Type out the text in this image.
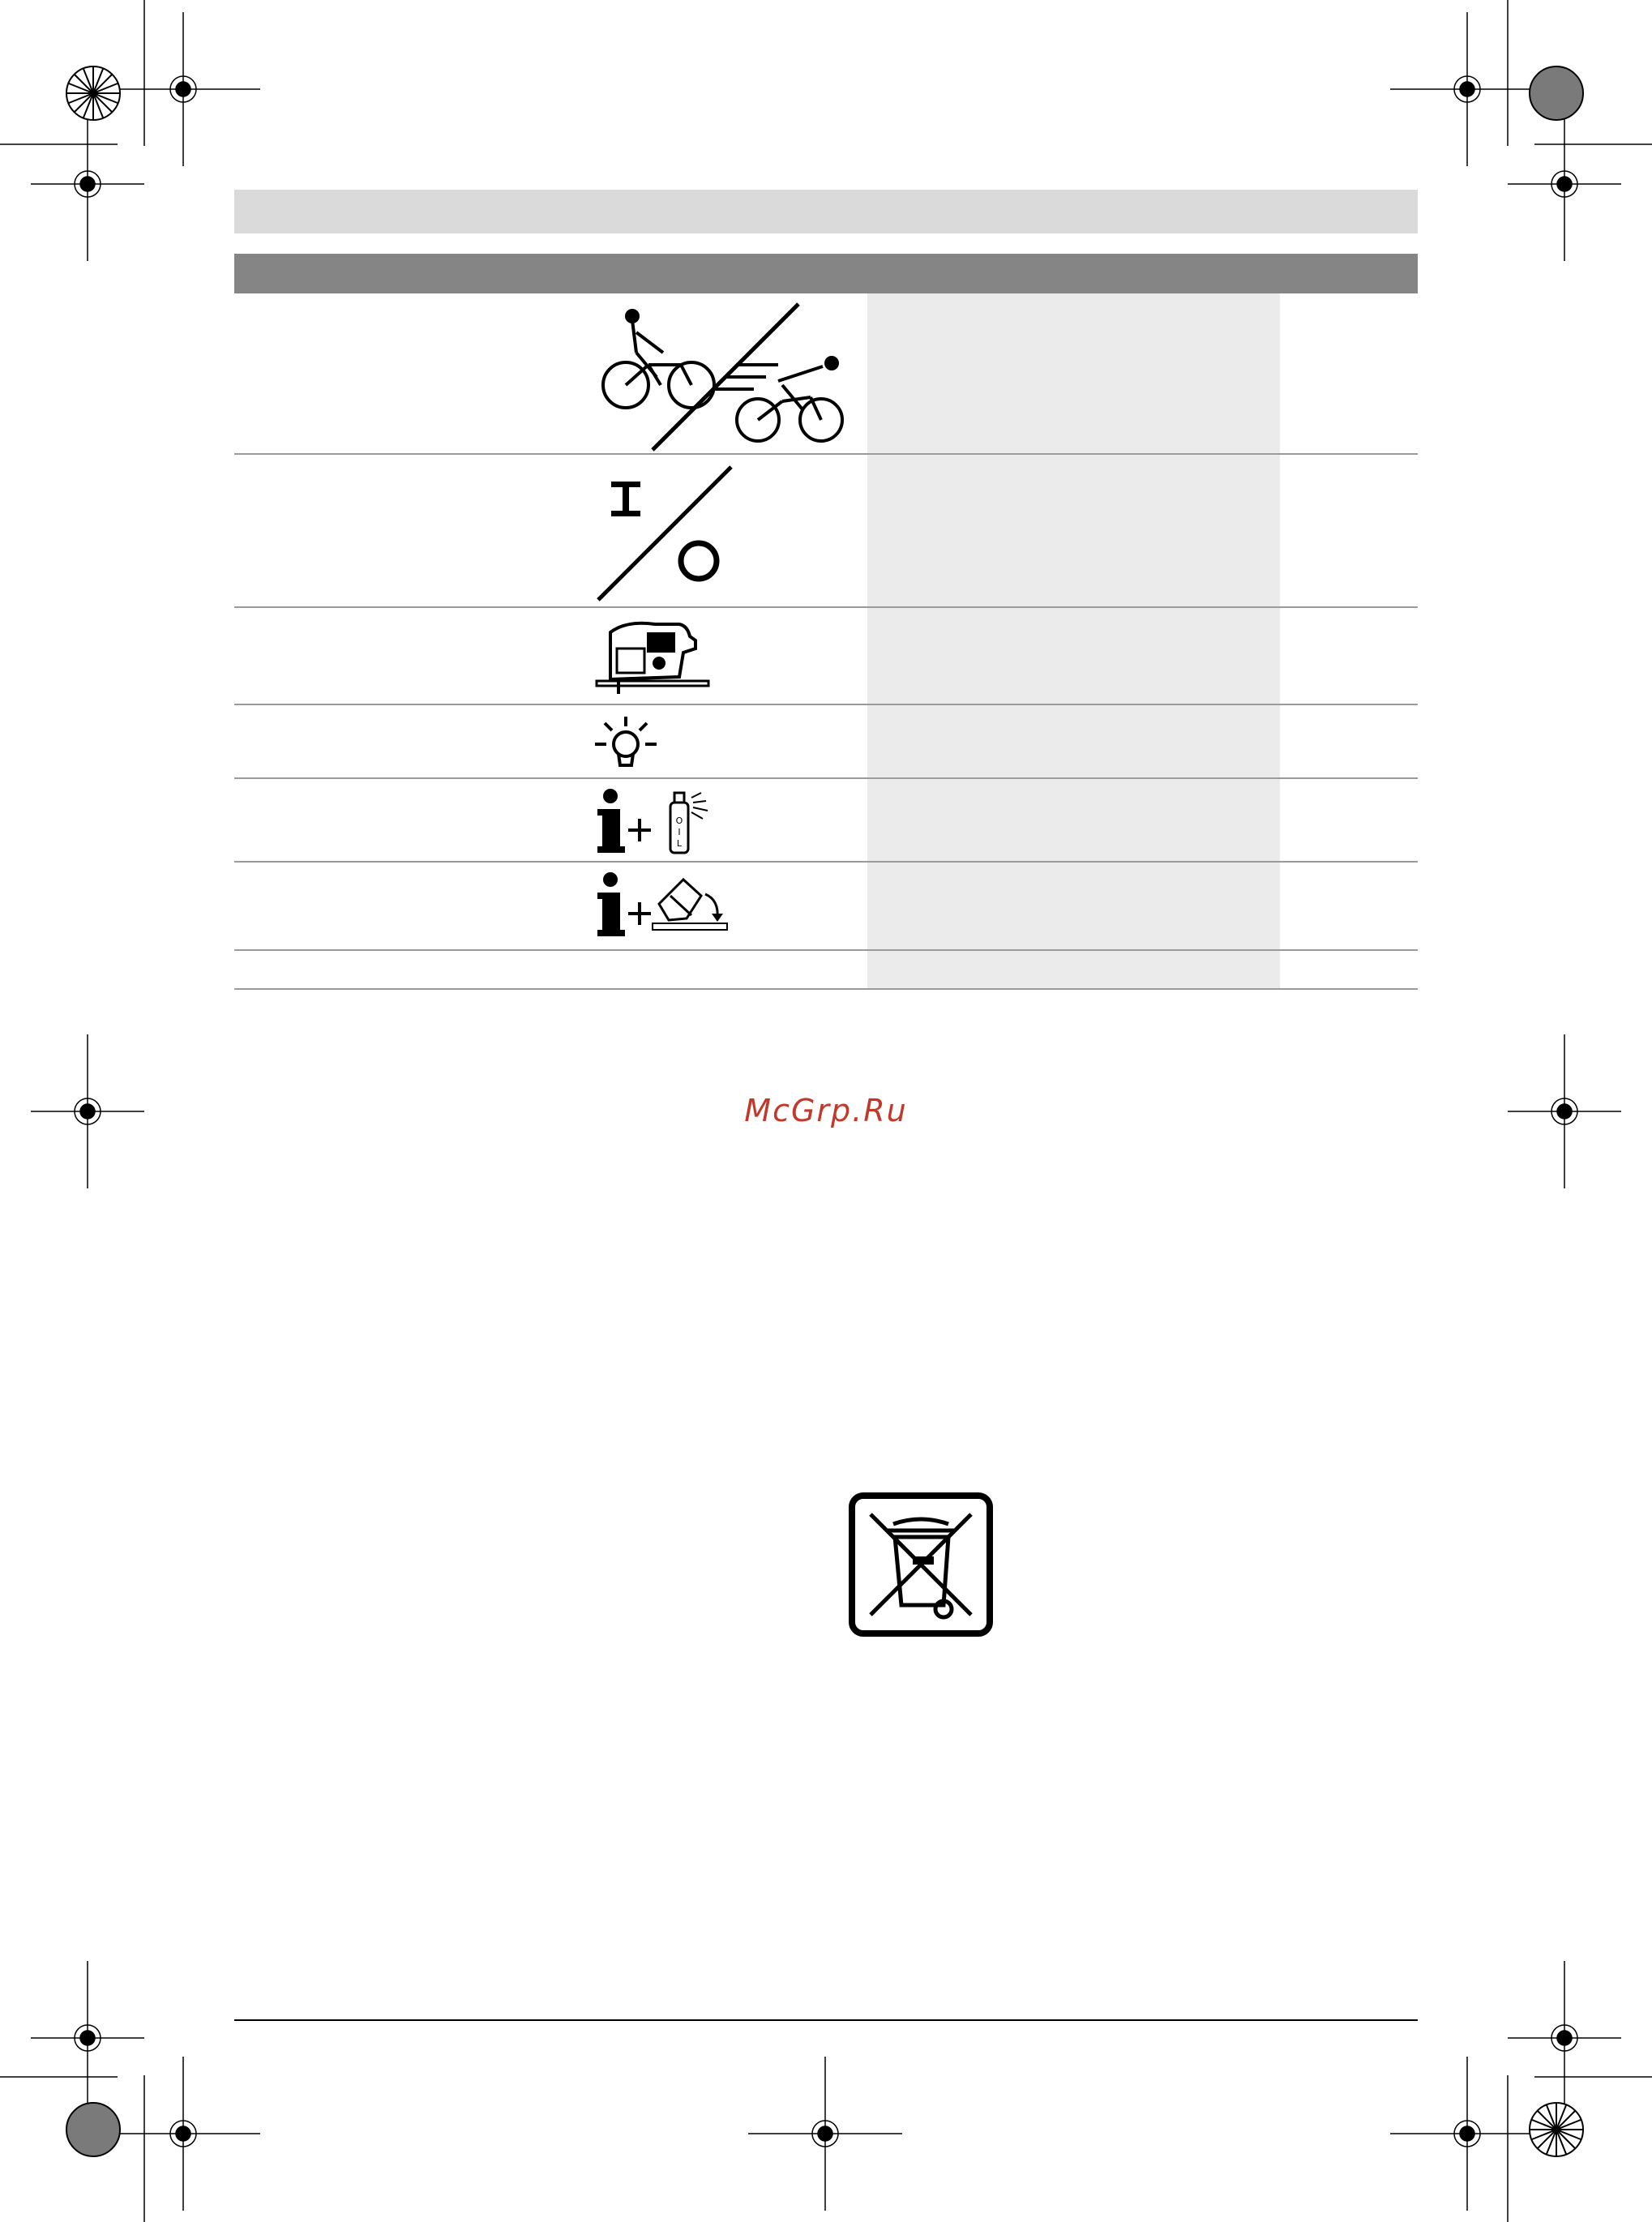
O
I
L
McGrp.Ru
